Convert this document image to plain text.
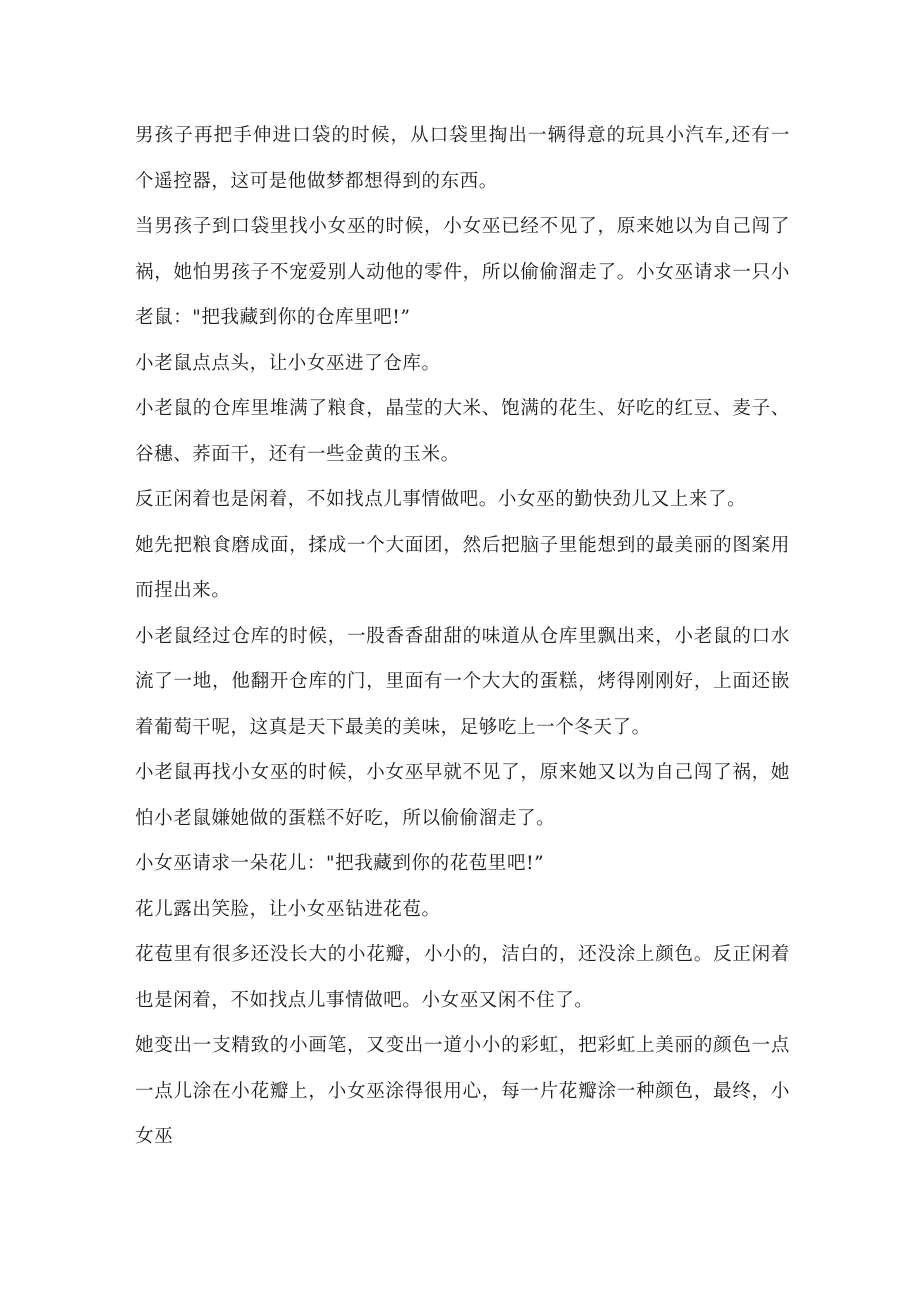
男孩子再把手伸进口袋的时候，从口袋里掏出一辆得意的玩具小汽车,还有一个遥控器，这可是他做梦都想得到的东西。

当男孩子到口袋里找小女巫的时候，小女巫已经不见了，原来她以为自己闯了祸，她怕男孩子不宠爱别人动他的零件，所以偷偷溜走了。小女巫请求一只小老鼠："把我藏到你的仓库里吧!”

小老鼠点点头，让小女巫进了仓库。

小老鼠的仓库里堆满了粮食，晶莹的大米、饱满的花生、好吃的红豆、麦子、谷穗、荞面干，还有一些金黄的玉米。

反正闲着也是闲着，不如找点儿事情做吧。小女巫的勤快劲儿又上来了。

她先把粮食磨成面，揉成一个大面团，然后把脑子里能想到的最美丽的图案用而捏出来。

小老鼠经过仓库的时候，一股香香甜甜的味道从仓库里飘出来，小老鼠的口水流了一地，他翻开仓库的门，里面有一个大大的蛋糕，烤得刚刚好，上面还嵌着葡萄干呢，这真是天下最美的美味，足够吃上一个冬天了。

小老鼠再找小女巫的时候，小女巫早就不见了，原来她又以为自己闯了祸，她怕小老鼠嫌她做的蛋糕不好吃，所以偷偷溜走了。

小女巫请求一朵花儿："把我藏到你的花苞里吧!”

花儿露出笑脸，让小女巫钻进花苞。

花苞里有很多还没长大的小花瓣，小小的，洁白的，还没涂上颜色。反正闲着也是闲着，不如找点儿事情做吧。小女巫又闲不住了。

她变出一支精致的小画笔，又变出一道小小的彩虹，把彩虹上美丽的颜色一点一点儿涂在小花瓣上，小女巫涂得很用心，每一片花瓣涂一种颜色，最终，小女巫
